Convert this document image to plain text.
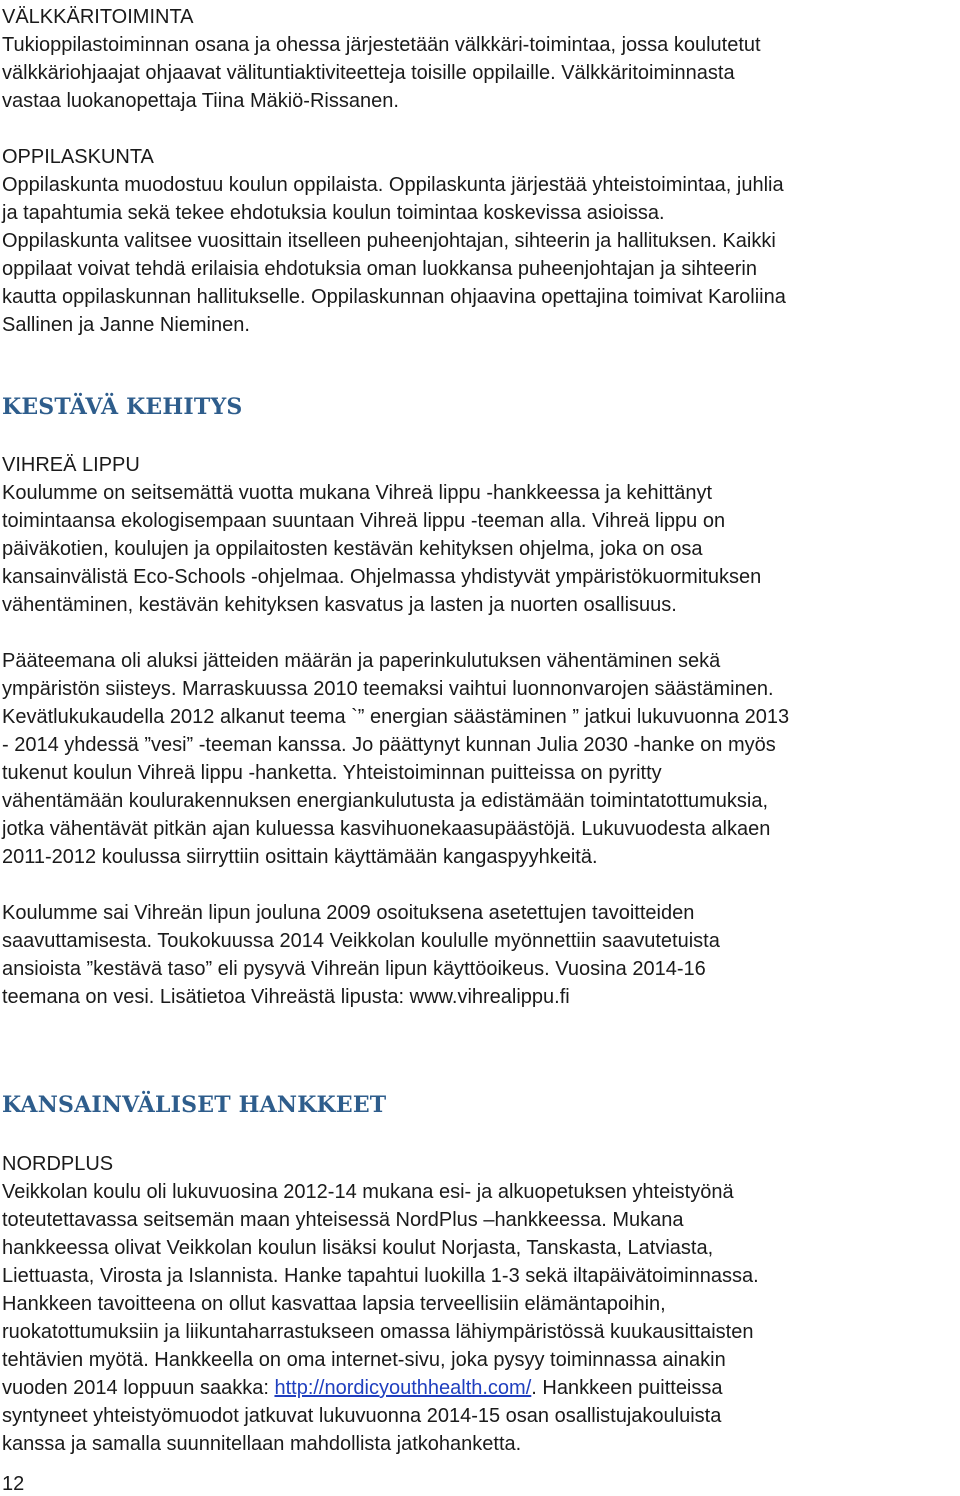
VÄLKKÄRITOIMINTA
Tukioppilastoiminnan osana ja ohessa järjestetään välkkäri-toimintaa, jossa koulutetut
välkkäriohjaajat ohjaavat välituntiaktiviteetteja toisille oppilaille. Välkkäritoiminnasta
vastaa luokanopettaja Tiina Mäkiö-Rissanen.
OPPILASKUNTA
Oppilaskunta muodostuu koulun oppilaista. Oppilaskunta järjestää yhteistoimintaa, juhlia
ja tapahtumia sekä tekee ehdotuksia koulun toimintaa koskevissa asioissa.
Oppilaskunta valitsee vuosittain itselleen puheenjohtajan, sihteerin ja hallituksen. Kaikki
oppilaat voivat tehdä erilaisia ehdotuksia oman luokkansa puheenjohtajan ja sihteerin
kautta oppilaskunnan hallitukselle. Oppilaskunnan ohjaavina opettajina toimivat Karoliina
Sallinen ja Janne Nieminen.
KESTÄVÄ KEHITYS
VIHREÄ LIPPU
Koulumme on seitsemättä vuotta mukana Vihreä lippu -hankkeessa ja kehittänyt
toimintaansa ekologisempaan suuntaan Vihreä lippu -teeman alla. Vihreä lippu on
päiväkotien, koulujen ja oppilaitosten kestävän kehityksen ohjelma, joka on osa
kansainvälistä Eco-Schools -ohjelmaa. Ohjelmassa yhdistyvät ympäristökuormituksen
vähentäminen, kestävän kehityksen kasvatus ja lasten ja nuorten osallisuus.
Pääteemana oli aluksi jätteiden määrän ja paperinkulutuksen vähentäminen sekä
ympäristön siisteys. Marraskuussa 2010 teemaksi vaihtui luonnonvarojen säästäminen.
Kevätlukukaudella 2012 alkanut teema `” energian säästäminen ” jatkui lukuvuonna 2013
- 2014 yhdessä ”vesi” -teeman kanssa. Jo päättynyt kunnan Julia 2030 -hanke on myös
tukenut koulun Vihreä lippu -hanketta. Yhteistoiminnan puitteissa on pyritty
vähentämään koulurakennuksen energiankulutusta ja edistämään toimintatottumuksia,
jotka vähentävät pitkän ajan kuluessa kasvihuonekaasupäästöjä. Lukuvuodesta alkaen
2011-2012 koulussa siirryttiin osittain käyttämään kangaspyyhkeitä.
Koulumme sai Vihreän lipun jouluna 2009 osoituksena asetettujen tavoitteiden
saavuttamisesta. Toukokuussa 2014 Veikkolan koululle myönnettiin saavutetuista
ansioista ”kestävä taso” eli pysyvä Vihreän lipun käyttöoikeus. Vuosina 2014-16
teemana on vesi. Lisätietoa Vihreästä lipusta: www.vihrealippu.fi
KANSAINVÄLISET HANKKEET
NORDPLUS
Veikkolan koulu oli lukuvuosina 2012-14 mukana esi- ja alkuopetuksen yhteistyönä
toteutettavassa seitsemän maan yhteisessä NordPlus –hankkeessa. Mukana
hankkeessa olivat Veikkolan koulun lisäksi koulut Norjasta, Tanskasta, Latviasta,
Liettuasta, Virosta ja Islannista. Hanke tapahtui luokilla 1-3 sekä iltapäivätoiminnassa.
Hankkeen tavoitteena on ollut kasvattaa lapsia terveellisiin elämäntapoihin,
ruokatottumuksiin ja liikuntaharrastukseen omassa lähiympäristössä kuukausittaisten
tehtävien myötä. Hankkeella on oma internet-sivu, joka pysyy toiminnassa ainakin
vuoden 2014 loppuun saakka: http://nordicyouthhealth.com/. Hankkeen puitteissa
syntyneet yhteistyömuodot jatkuvat lukuvuonna 2014-15 osan osallistujakouluista
kanssa ja samalla suunnitellaan mahdollista jatkohanketta.
12
